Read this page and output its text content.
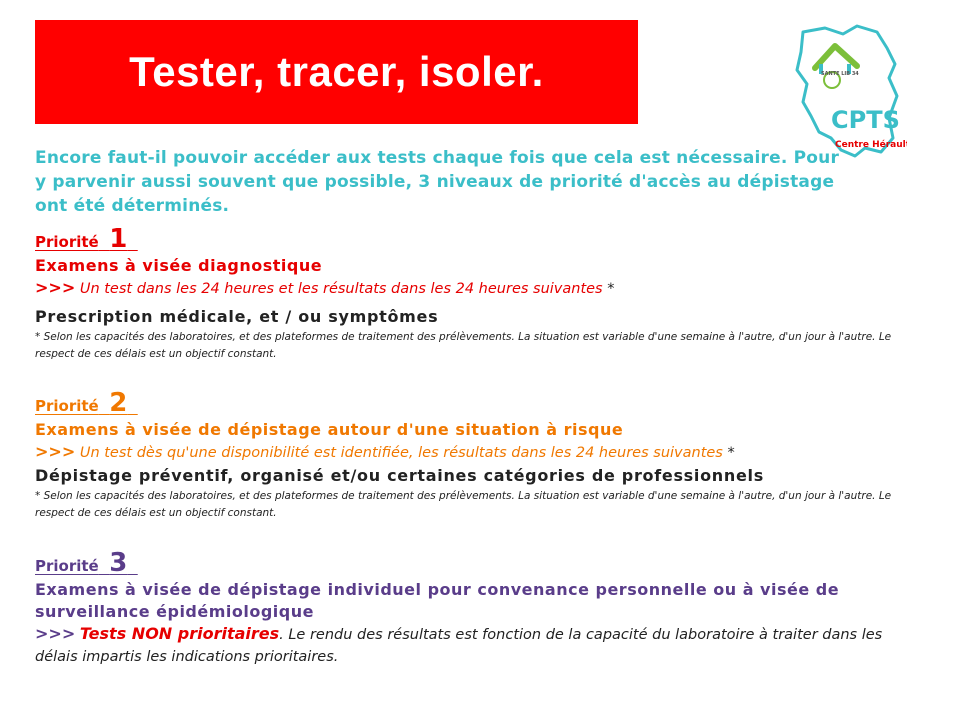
Tester, tracer, isoler.	SANTE LIB 34
CPTS
Centre Hérault
Encore faut-il pouvoir accéder aux tests chaque fois que cela est nécessaire. Pour y parvenir aussi souvent que possible, 3 niveaux de priorité d'accès au dépistage ont été déterminés.
Priorité 1
Examens à visée diagnostique
>>> Un test dans les 24 heures et les résultats dans les 24 heures suivantes *
Prescription médicale, et / ou symptômes
* Selon les capacités des laboratoires, et des plateformes de traitement des prélèvements. La situation est variable d'une semaine à l'autre, d'un jour à l'autre. Le respect de ces délais est un objectif constant.
Priorité 2
Examens à visée de dépistage autour d'une situation à risque
>>> Un test dès qu'une disponibilité est identifiée, les résultats dans les 24 heures suivantes *
Dépistage préventif, organisé et/ou certaines catégories de professionnels
* Selon les capacités des laboratoires, et des plateformes de traitement des prélèvements. La situation est variable d'une semaine à l'autre, d'un jour à l'autre. Le respect de ces délais est un objectif constant.
Priorité 3
Examens à visée de dépistage individuel pour convenance personnelle ou à visée de surveillance épidémiologique
>>> Tests NON prioritaires. Le rendu des résultats est fonction de la capacité du laboratoire à traiter dans les délais impartis les indications prioritaires.
